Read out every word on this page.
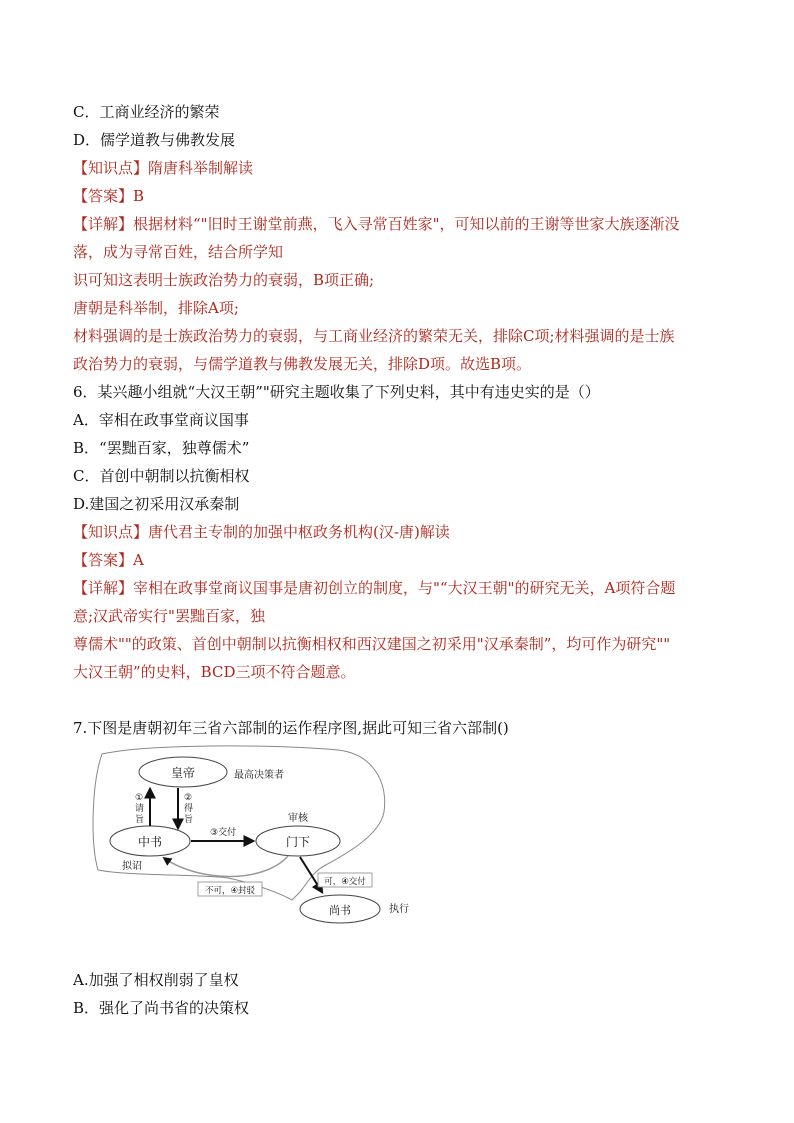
C．工商业经济的繁荣
D．儒学道教与佛教发展
【知识点】隋唐科举制解读
【答案】B
【详解】根据材料“"旧时王谢堂前燕，飞入寻常百姓家"，可知以前的王谢等世家大族逐渐没
落，成为寻常百姓，结合所学知
识可知这表明士族政治势力的衰弱，B项正确;
唐朝是科举制，排除A项;
材料强调的是士族政治势力的衰弱，与工商业经济的繁荣无关，排除C项;材料强调的是士族
政治势力的衰弱，与儒学道教与佛教发展无关，排除D项。故选B项。
6．某兴趣小组就“大汉王朝”"研究主题收集了下列史料，其中有违史实的是（）
A．宰相在政事堂商议国事
B．“罢黜百家，独尊儒术”
C．首创中朝制以抗衡相权
D.建国之初采用汉承秦制
【知识点】唐代君主专制的加强中枢政务机构(汉-唐)解读
【答案】A
【详解】宰相在政事堂商议国事是唐初创立的制度，与"“大汉王朝"的研究无关，A项符合题
意;汉武帝实行"罢黜百家，独
尊儒术""的政策、首创中朝制以抗衡相权和西汉建国之初采用"汉承秦制”，均可作为研究""
大汉王朝”的史料，BCD三项不符合题意。
7.下图是唐朝初年三省六部制的运作程序图,据此可知三省六部制()
皇帝	最高决策者
中书
拟诏
门下
审核
尚书	执行
①
请
旨
②
得
旨
③交付
不可，④封驳
可，④交付
A.加强了相权削弱了皇权
B．强化了尚书省的决策权
